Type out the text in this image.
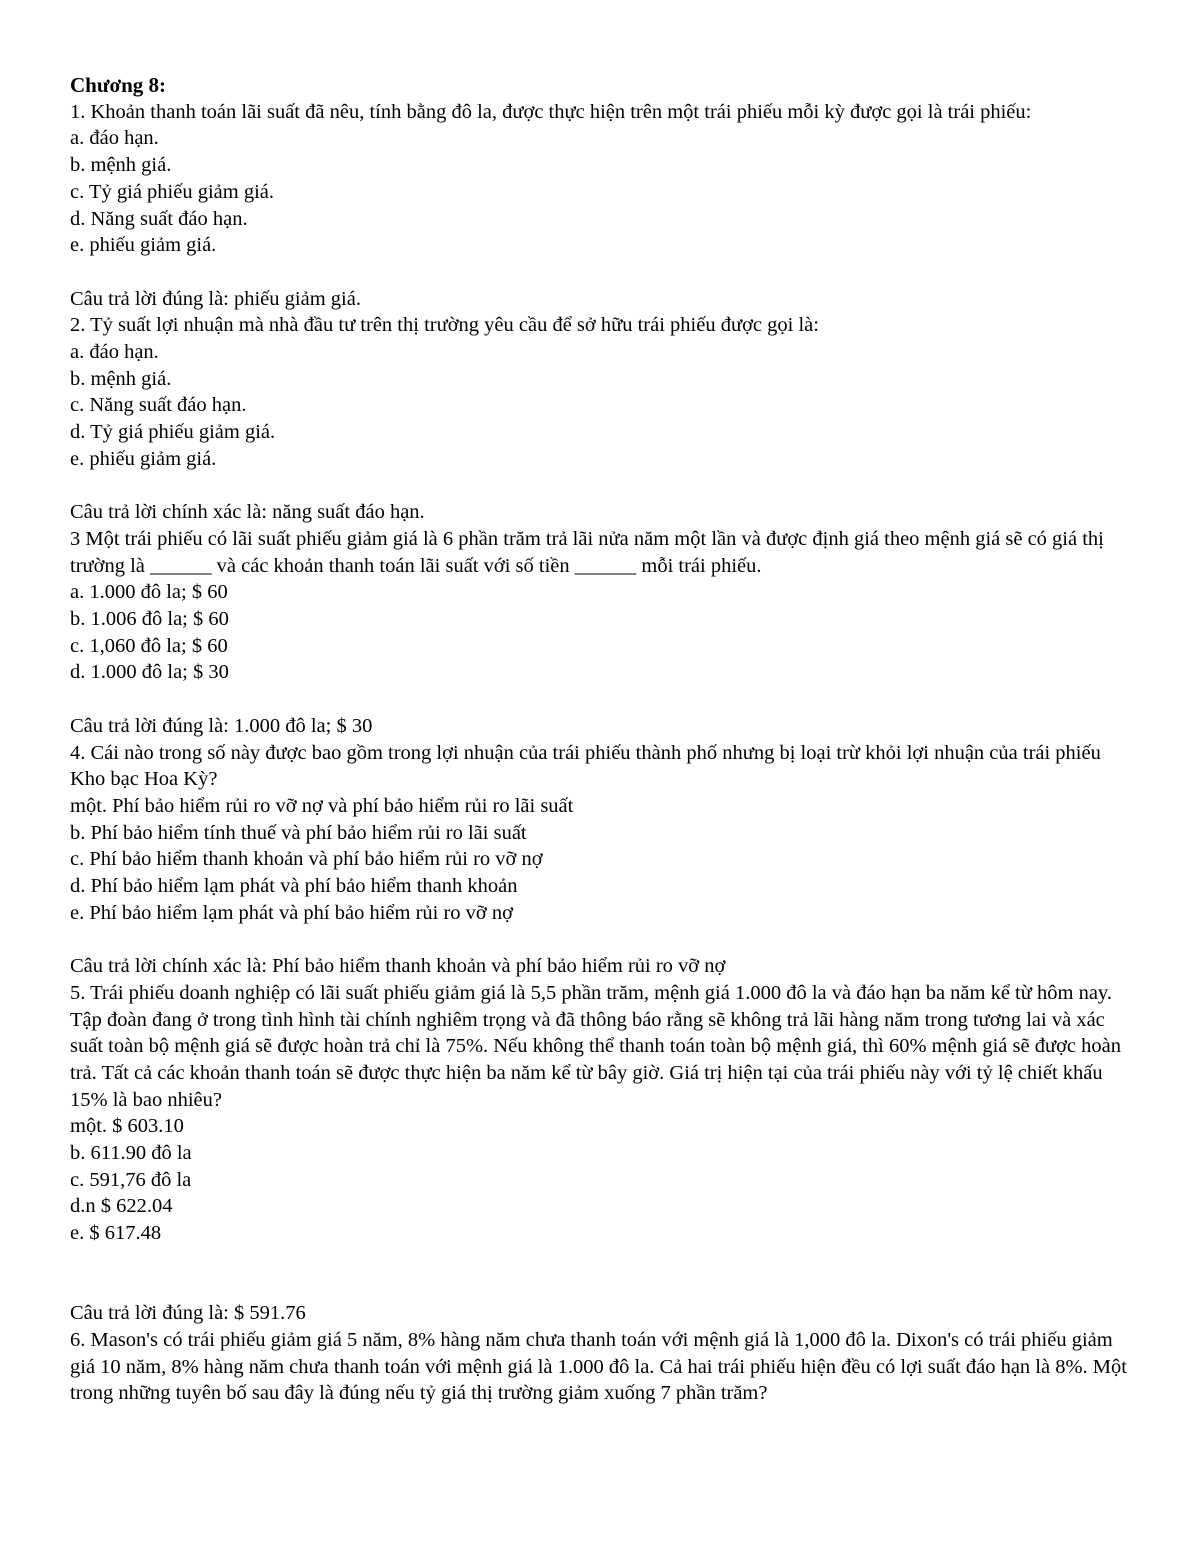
Chương 8:

1. Khoản thanh toán lãi suất đã nêu, tính bằng đô la, được thực hiện trên một trái phiếu mỗi kỳ được gọi là trái phiếu:

a. đáo hạn.

b. mệnh giá.

c. Tỷ giá phiếu giảm giá.

d. Năng suất đáo hạn.

e. phiếu giảm giá.

Câu trả lời đúng là: phiếu giảm giá.

2. Tỷ suất lợi nhuận mà nhà đầu tư trên thị trường yêu cầu để sở hữu trái phiếu được gọi là:

a. đáo hạn.

b. mệnh giá.

c. Năng suất đáo hạn.

d. Tỷ giá phiếu giảm giá.

e. phiếu giảm giá.

Câu trả lời chính xác là: năng suất đáo hạn.

3 Một trái phiếu có lãi suất phiếu giảm giá là 6 phần trăm trả lãi nửa năm một lần và được định giá theo mệnh giá sẽ có giá thị trường là ______ và các khoản thanh toán lãi suất với số tiền ______ mỗi trái phiếu.

a. 1.000 đô la; $ 60

b. 1.006 đô la; $ 60

c. 1,060 đô la; $ 60

d. 1.000 đô la; $ 30

Câu trả lời đúng là: 1.000 đô la; $ 30

4. Cái nào trong số này được bao gồm trong lợi nhuận của trái phiếu thành phố nhưng bị loại trừ khỏi lợi nhuận của trái phiếu Kho bạc Hoa Kỳ?

một. Phí bảo hiểm rủi ro vỡ nợ và phí bảo hiểm rủi ro lãi suất

b. Phí bảo hiểm tính thuế và phí bảo hiểm rủi ro lãi suất

c. Phí bảo hiểm thanh khoản và phí bảo hiểm rủi ro vỡ nợ

d. Phí bảo hiểm lạm phát và phí bảo hiểm thanh khoản

e. Phí bảo hiểm lạm phát và phí bảo hiểm rủi ro vỡ nợ

Câu trả lời chính xác là: Phí bảo hiểm thanh khoản và phí bảo hiểm rủi ro vỡ nợ

5. Trái phiếu doanh nghiệp có lãi suất phiếu giảm giá là 5,5 phần trăm, mệnh giá 1.000 đô la và đáo hạn ba năm kể từ hôm nay. Tập đoàn đang ở trong tình hình tài chính nghiêm trọng và đã thông báo rằng sẽ không trả lãi hàng năm trong tương lai và xác suất toàn bộ mệnh giá sẽ được hoàn trả chỉ là 75%. Nếu không thể thanh toán toàn bộ mệnh giá, thì 60% mệnh giá sẽ được hoàn trả. Tất cả các khoản thanh toán sẽ được thực hiện ba năm kể từ bây giờ. Giá trị hiện tại của trái phiếu này với tỷ lệ chiết khấu 15% là bao nhiêu?

một. $ 603.10

b. 611.90 đô la

c. 591,76 đô la

d.n $ 622.04

e. $ 617.48

Câu trả lời đúng là: $ 591.76

6. Mason's có trái phiếu giảm giá 5 năm, 8% hàng năm chưa thanh toán với mệnh giá là 1,000 đô la. Dixon's có trái phiếu giảm giá 10 năm, 8% hàng năm chưa thanh toán với mệnh giá là 1.000 đô la. Cả hai trái phiếu hiện đều có lợi suất đáo hạn là 8%. Một trong những tuyên bố sau đây là đúng nếu tỷ giá thị trường giảm xuống 7 phần trăm?
